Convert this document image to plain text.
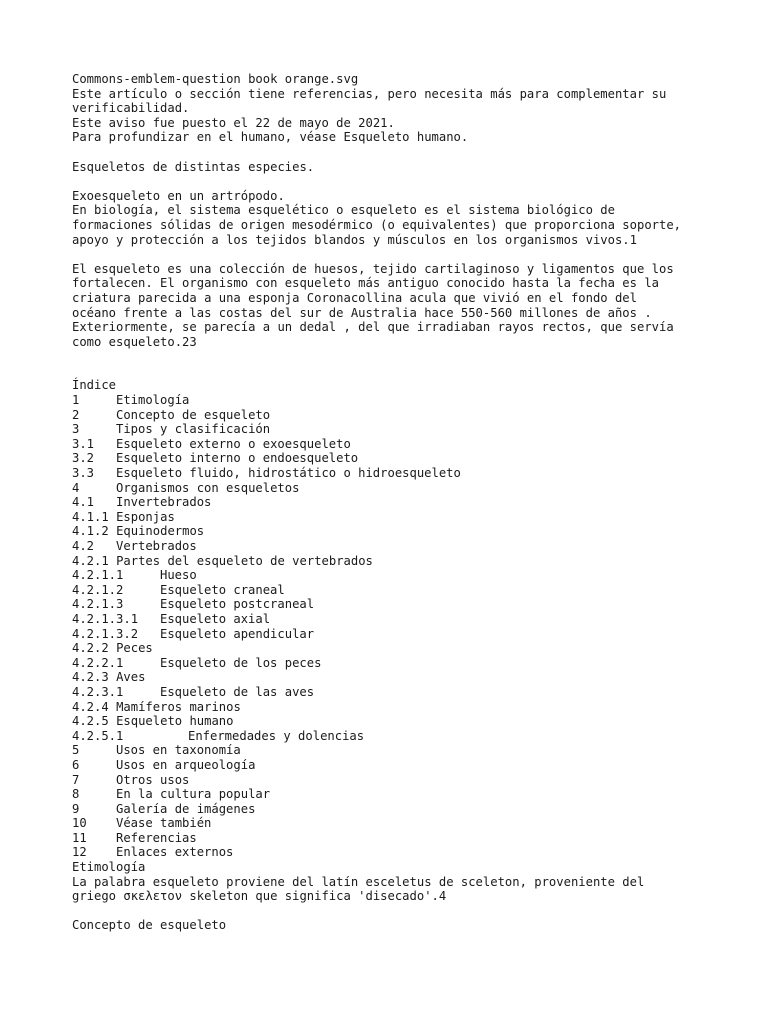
Commons-emblem-question book orange.svg
Este artículo o sección tiene referencias, pero necesita más para complementar su
verificabilidad.
Este aviso fue puesto el 22 de mayo de 2021.
Para profundizar en el humano, véase Esqueleto humano.
Esqueletos de distintas especies.
Exoesqueleto en un artrópodo.
En biología, el sistema esquelético o esqueleto es el sistema biológico de
formaciones sólidas de origen mesodérmico (o equivalentes) que proporciona soporte,
apoyo y protección a los tejidos blandos y músculos en los organismos vivos.1
El esqueleto es una colección de huesos, tejido cartilaginoso y ligamentos que los
fortalecen. El organismo con esqueleto más antiguo conocido hasta la fecha es la
criatura parecida a una esponja Coronacollina acula que vivió en el fondo del
océano frente a las costas del sur de Australia hace 550-560 millones de años .
Exteriormente, se parecía a un dedal , del que irradiaban rayos rectos, que servía
como esqueleto.23
Índice
1	Etimología
2	Concepto de esqueleto
3	Tipos y clasificación
3.1 Esqueleto externo o exoesqueleto
3.2 Esqueleto interno o endoesqueleto
3.3 Esqueleto fluido, hidrostático o hidroesqueleto
4	Organismos con esqueletos
4.1 Invertebrados
4.1.1 Esponjas
4.1.2 Equinodermos
4.2 Vertebrados
4.2.1 Partes del esqueleto de vertebrados
4.2.1.1	Hueso
4.2.1.2	Esqueleto craneal
4.2.1.3	Esqueleto postcraneal
4.2.1.3.1 Esqueleto axial
4.2.1.3.2 Esqueleto apendicular
4.2.2 Peces
4.2.2.1	Esqueleto de los peces
4.2.3 Aves
4.2.3.1	Esqueleto de las aves
4.2.4 Mamíferos marinos
4.2.5 Esqueleto humano
4.2.5.1	Enfermedades y dolencias
5	Usos en taxonomía
6	Usos en arqueología
7	Otros usos
8	En la cultura popular
9	Galería de imágenes
10 Véase también
11 Referencias
12 Enlaces externos
Etimología
La palabra esqueleto proviene del latín esceletus de sceleton, proveniente del
griego σκελετον skeleton que significa 'disecado'.4
Concepto de esqueleto
